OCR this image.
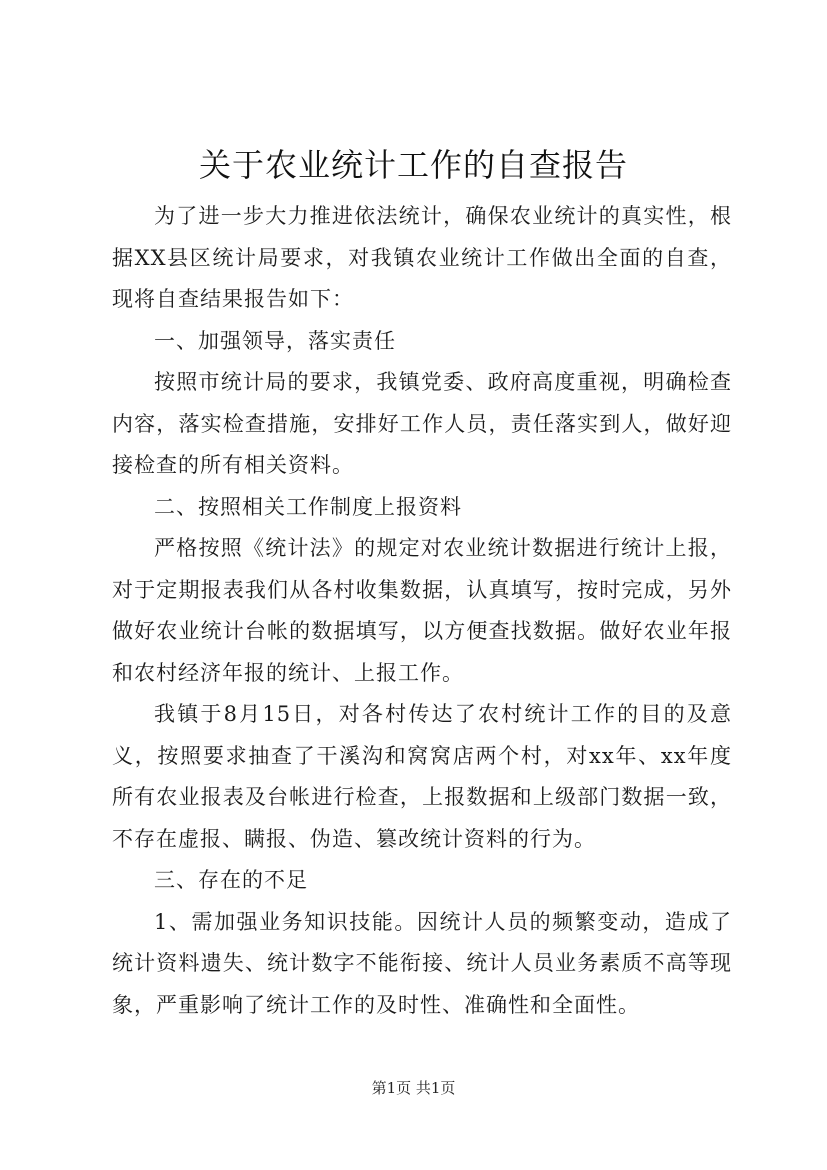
关于农业统计工作的自查报告

为了进一步大力推进依法统计，确保农业统计的真实性，根据XX县区统计局要求，对我镇农业统计工作做出全面的自查，现将自查结果报告如下：

一、加强领导，落实责任

按照市统计局的要求，我镇党委、政府高度重视，明确检查内容，落实检查措施，安排好工作人员，责任落实到人，做好迎接检查的所有相关资料。

二、按照相关工作制度上报资料

严格按照《统计法》的规定对农业统计数据进行统计上报，对于定期报表我们从各村收集数据，认真填写，按时完成，另外做好农业统计台帐的数据填写，以方便查找数据。做好农业年报和农村经济年报的统计、上报工作。

我镇于8月15日，对各村传达了农村统计工作的目的及意义，按照要求抽查了干溪沟和窝窝店两个村，对xx年、xx年度所有农业报表及台帐进行检查，上报数据和上级部门数据一致，不存在虚报、瞒报、伪造、篡改统计资料的行为。

三、存在的不足

1、需加强业务知识技能。因统计人员的频繁变动，造成了统计资料遗失、统计数字不能衔接、统计人员业务素质不高等现象，严重影响了统计工作的及时性、准确性和全面性。

第1页 共1页
